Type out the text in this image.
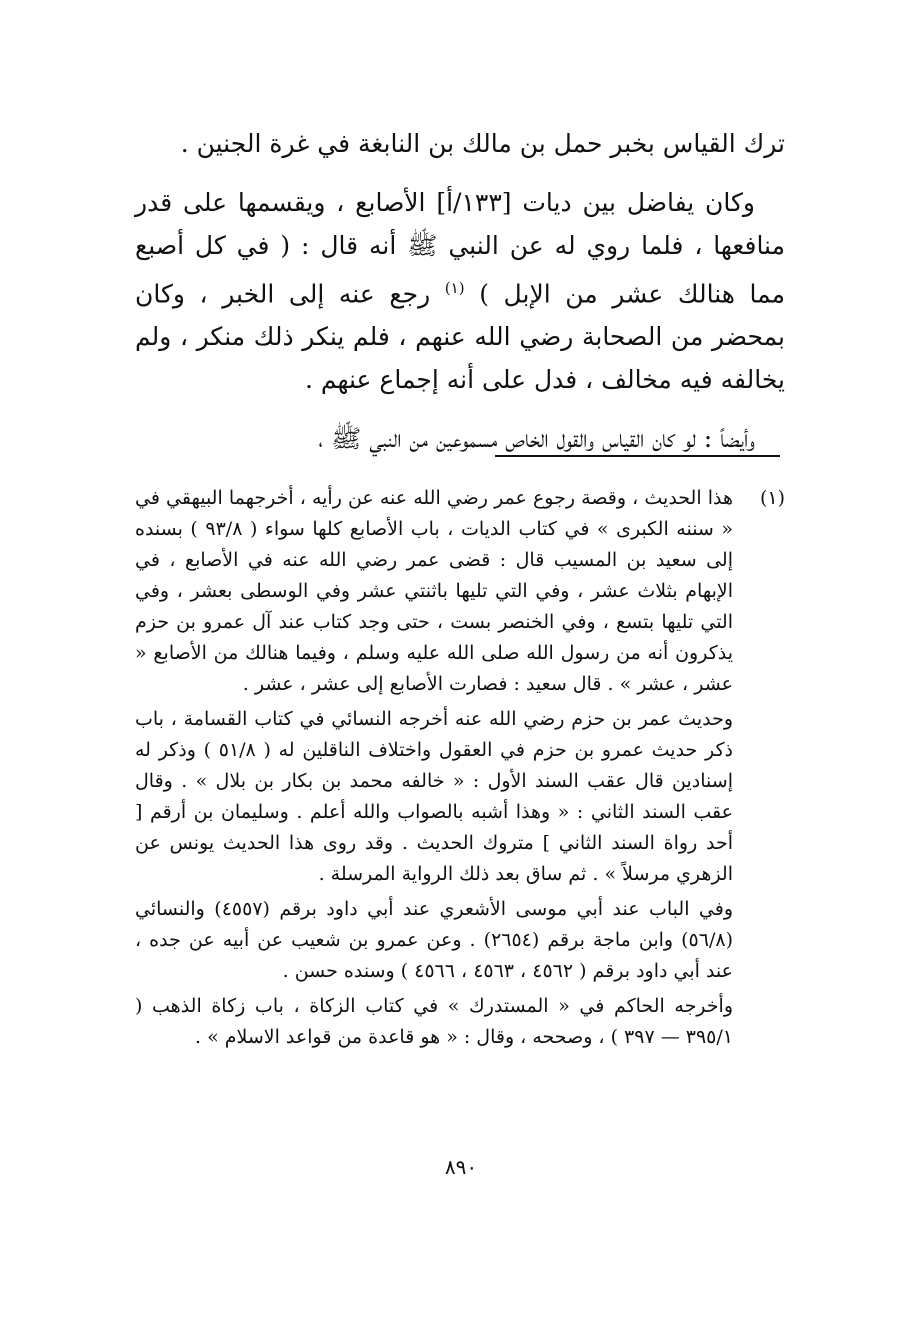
ترك القياس بخبر حمل بن مالك بن النابغة في غرة الجنين .

وكان يفاضل بين ديات [١٣٣/أ] الأصابع ، ويقسمها على قدر منافعها ، فلما روي له عن النبي ﷺ أنه قال : ( في كل أصبع مما هنالك عشر من الإبل ) $^{(١)}$ رجع عنه إلى الخبر ، وكان بمحضر من الصحابة رضي الله عنهم ، فلم ينكر ذلك منكر ، ولم يخالفه فيه مخالف ، فدل على أنه إجماع عنهم .

وأيضاً : لو كان القياس والقول الخاص مسموعين من النبي ﷺ ،

(١)

هذا الحديث ، وقصة رجوع عمر رضي الله عنه عن رأيه ، أخرجهما البيهقي في « سننه الكبرى » في كتاب الديات ، باب الأصابع كلها سواء ( ٩٣/٨ ) بسنده إلى سعيد بن المسيب قال : قضى عمر رضي الله عنه في الأصابع ، في الإبهام بثلاث عشر ، وفي التي تليها باثنتي عشر وفي الوسطى بعشر ، وفي التي تليها بتسع ، وفي الخنصر بست ، حتى وجد كتاب عند آل عمرو بن حزم يذكرون أنه من رسول الله صلى الله عليه وسلم ، وفيما هنالك من الأصابع « عشر ، عشر » . قال سعيد : فصارت الأصابع إلى عشر ، عشر .

وحديث عمر بن حزم رضي الله عنه أخرجه النسائي في كتاب القسامة ، باب ذكر حديث عمرو بن حزم في العقول واختلاف الناقلين له ( ٥١/٨ ) وذكر له إسنادين قال عقب السند الأول : « خالفه محمد بن بكار بن بلال » . وقال عقب السند الثاني : « وهذا أشبه بالصواب والله أعلم . وسليمان بن أرقم [ أحد رواة السند الثاني ] متروك الحديث . وقد روى هذا الحديث يونس عن الزهري مرسلاً » . ثم ساق بعد ذلك الرواية المرسلة .

وفي الباب عند أبي موسى الأشعري عند أبي داود برقم (٤٥٥٧) والنسائي (٥٦/٨) وابن ماجة برقم (٢٦٥٤) . وعن عمرو بن شعيب عن أبيه عن جده ، عند أبي داود برقم ( ٤٥٦٢ ، ٤٥٦٣ ، ٤٥٦٦ ) وسنده حسن .

وأخرجه الحاكم في « المستدرك » في كتاب الزكاة ، باب زكاة الذهب ( ٣٩٥/١ — ٣٩٧ ) ، وصححه ، وقال : « هو قاعدة من قواعد الاسلام » .

٨٩٠
